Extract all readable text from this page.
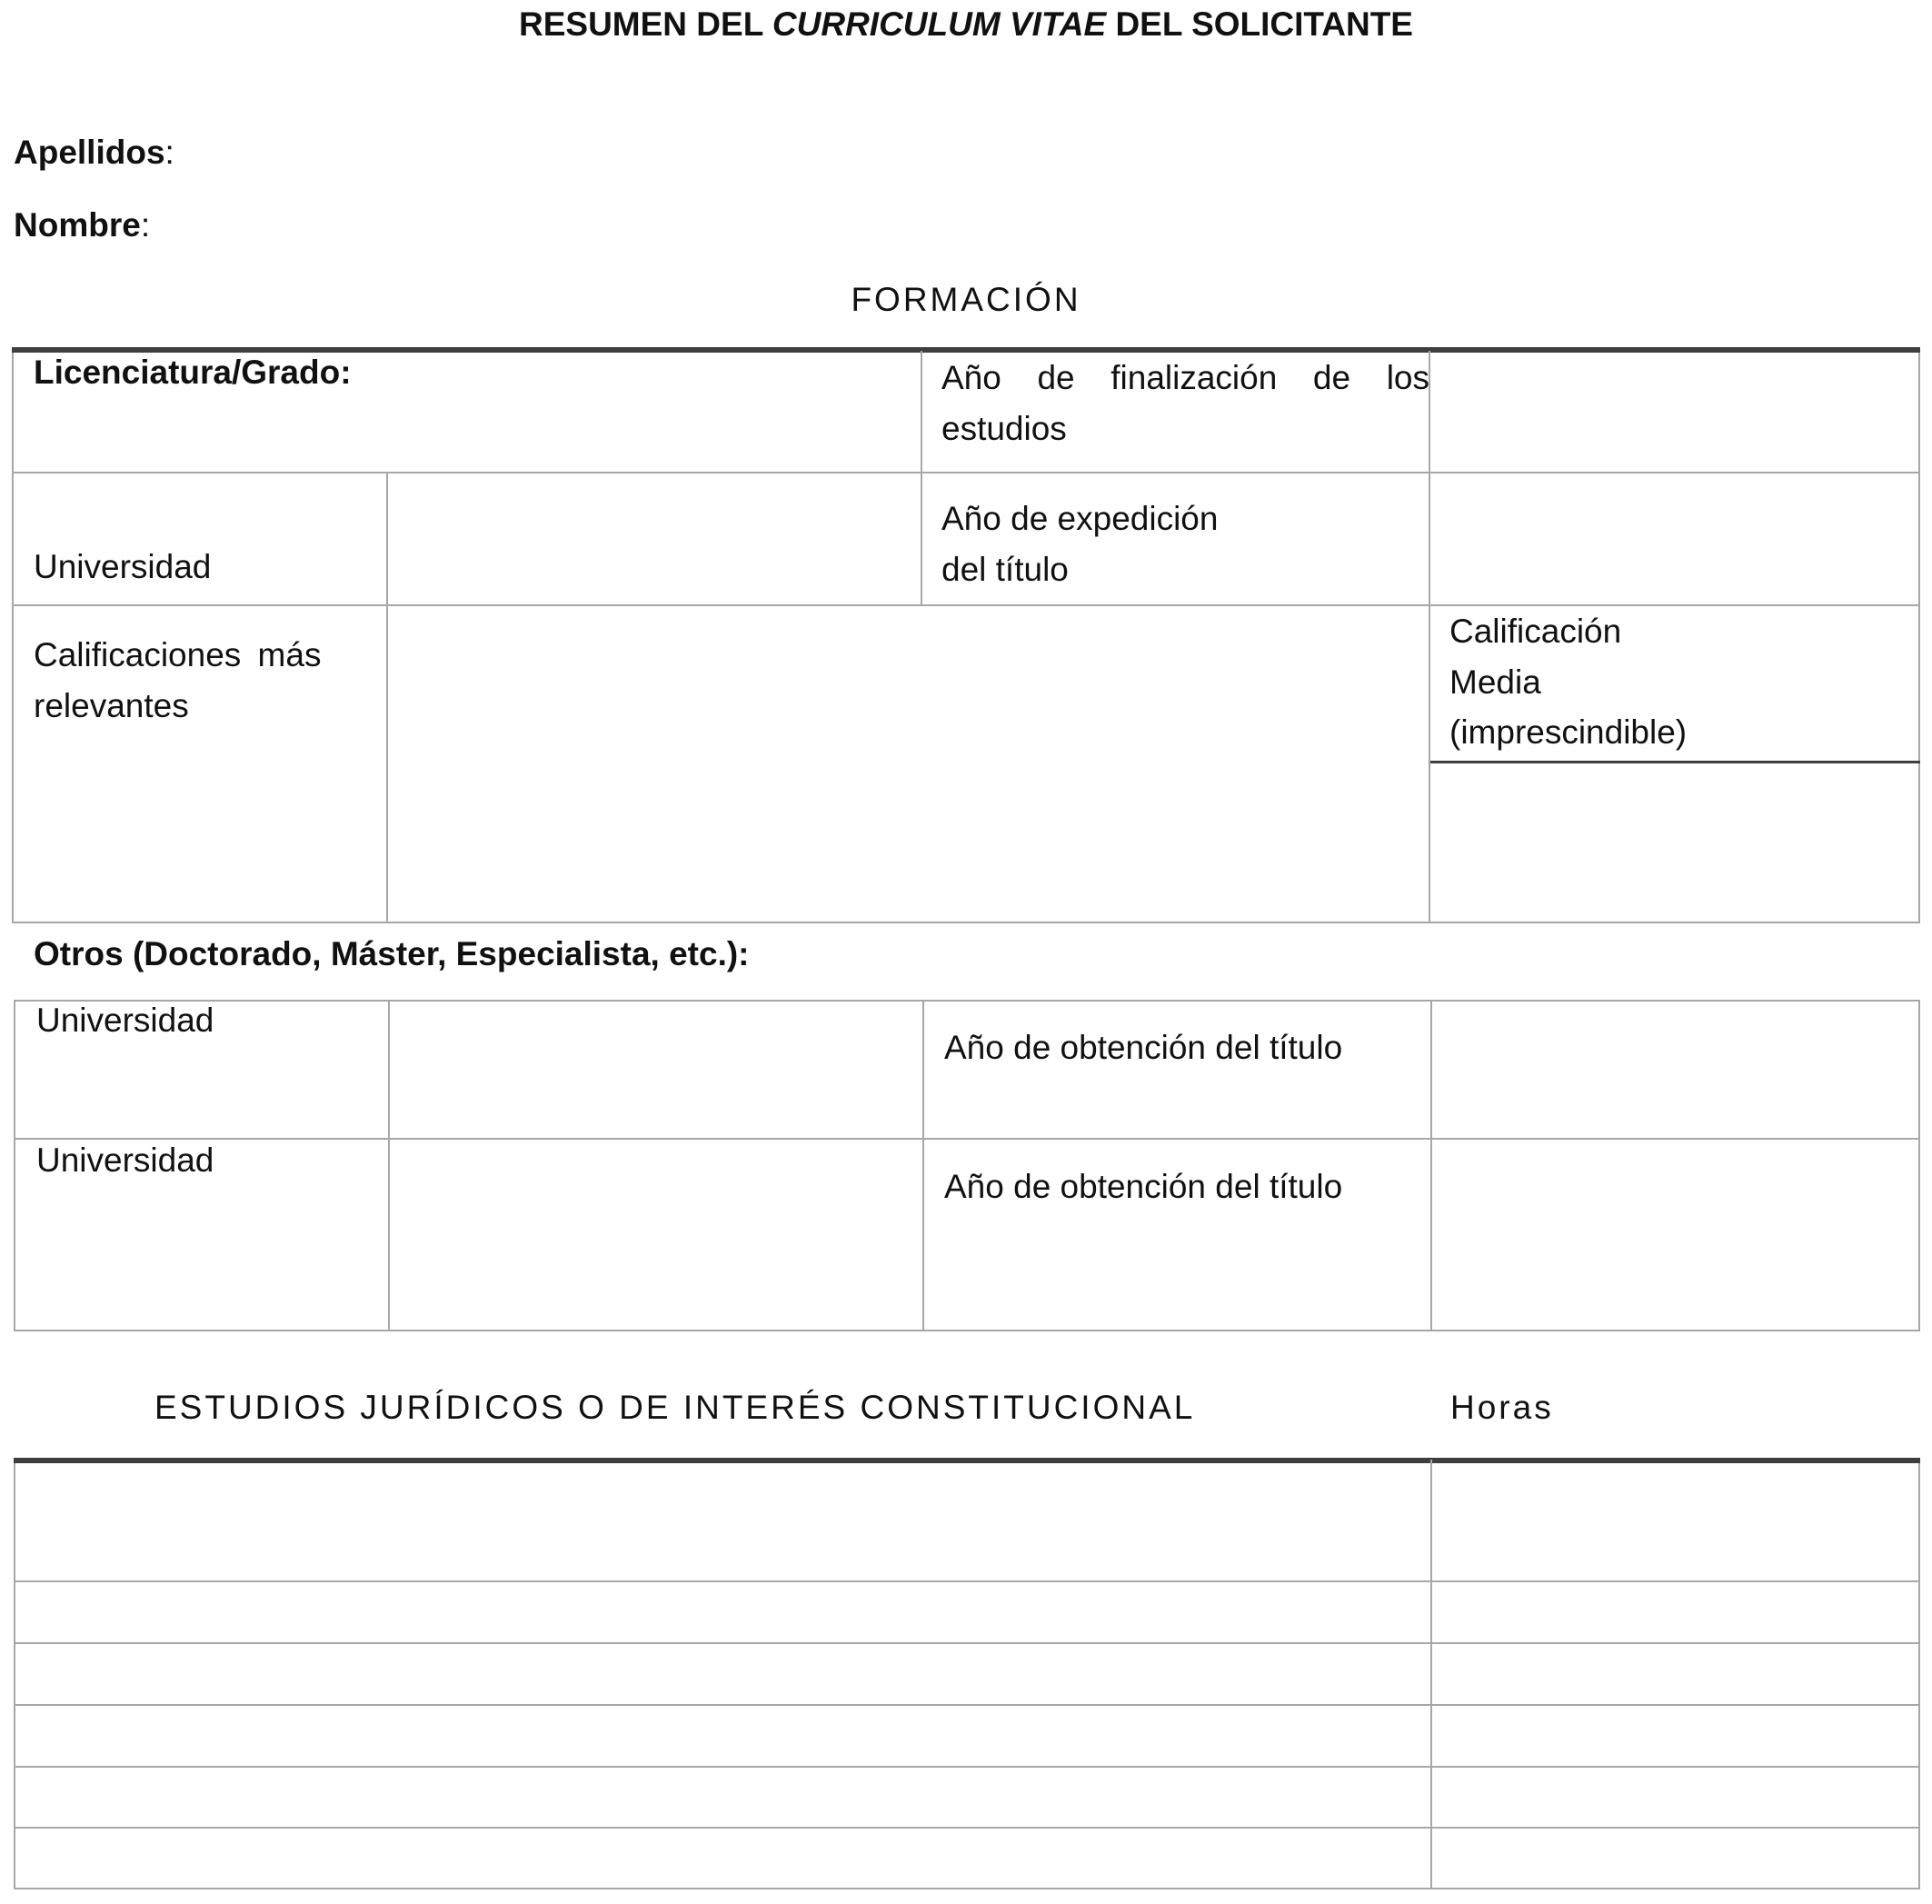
RESUMEN DEL CURRICULUM VITAE DEL SOLICITANTE
Apellidos:
Nombre:
FORMACIÓN
Licenciatura/Grado:	Año de finalización de los
estudios
Universidad
Año de expedición
del título
Calificaciones más
relevantes
Calificación
Media
(imprescindible)
Otros (Doctorado, Máster, Especialista, etc.):
Universidad
Año de obtención del título
Universidad
Año de obtención del título
ESTUDIOS JURÍDICOS O DE INTERÉS CONSTITUCIONAL	Horas
